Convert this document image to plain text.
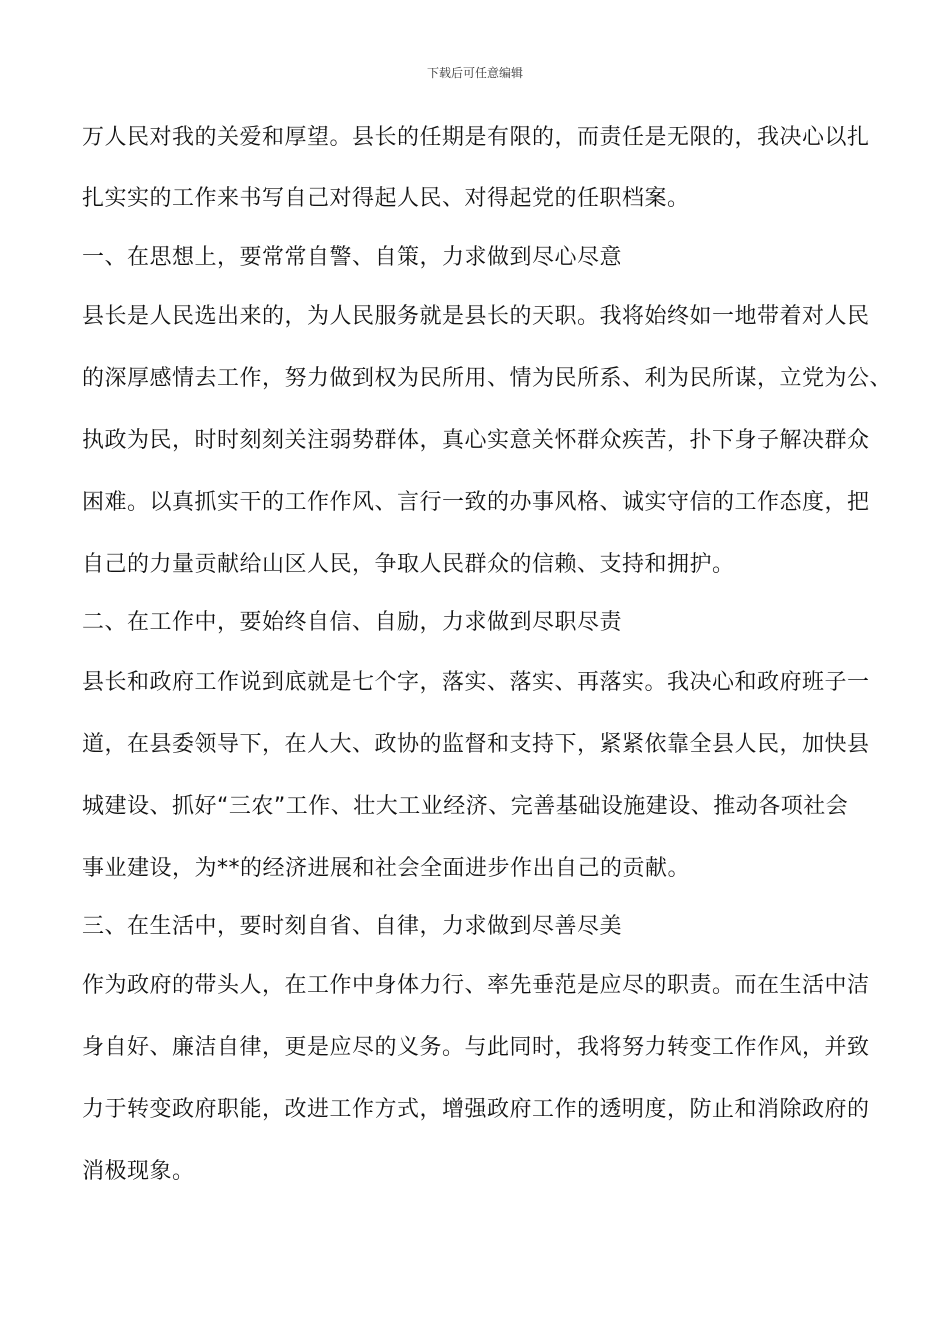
下载后可任意编辑
万人民对我的关爱和厚望。县长的任期是有限的，而责任是无限的，我决心以扎
扎实实的工作来书写自己对得起人民、对得起党的任职档案。
一、在思想上，要常常自警、自策，力求做到尽心尽意
县长是人民选出来的，为人民服务就是县长的天职。我将始终如一地带着对人民
的深厚感情去工作，努力做到权为民所用、情为民所系、利为民所谋，立党为公、
执政为民，时时刻刻关注弱势群体，真心实意关怀群众疾苦，扑下身子解决群众
困难。以真抓实干的工作作风、言行一致的办事风格、诚实守信的工作态度，把
自己的力量贡献给山区人民，争取人民群众的信赖、支持和拥护。
二、在工作中，要始终自信、自励，力求做到尽职尽责
县长和政府工作说到底就是七个字，落实、落实、再落实。我决心和政府班子一
道，在县委领导下，在人大、政协的监督和支持下，紧紧依靠全县人民，加快县
城建设、抓好“三农”工作、壮大工业经济、完善基础设施建设、推动各项社会
事业建设，为**的经济进展和社会全面进步作出自己的贡献。
三、在生活中，要时刻自省、自律，力求做到尽善尽美
作为政府的带头人，在工作中身体力行、率先垂范是应尽的职责。而在生活中洁
身自好、廉洁自律，更是应尽的义务。与此同时，我将努力转变工作作风，并致
力于转变政府职能，改进工作方式，增强政府工作的透明度，防止和消除政府的
消极现象。
